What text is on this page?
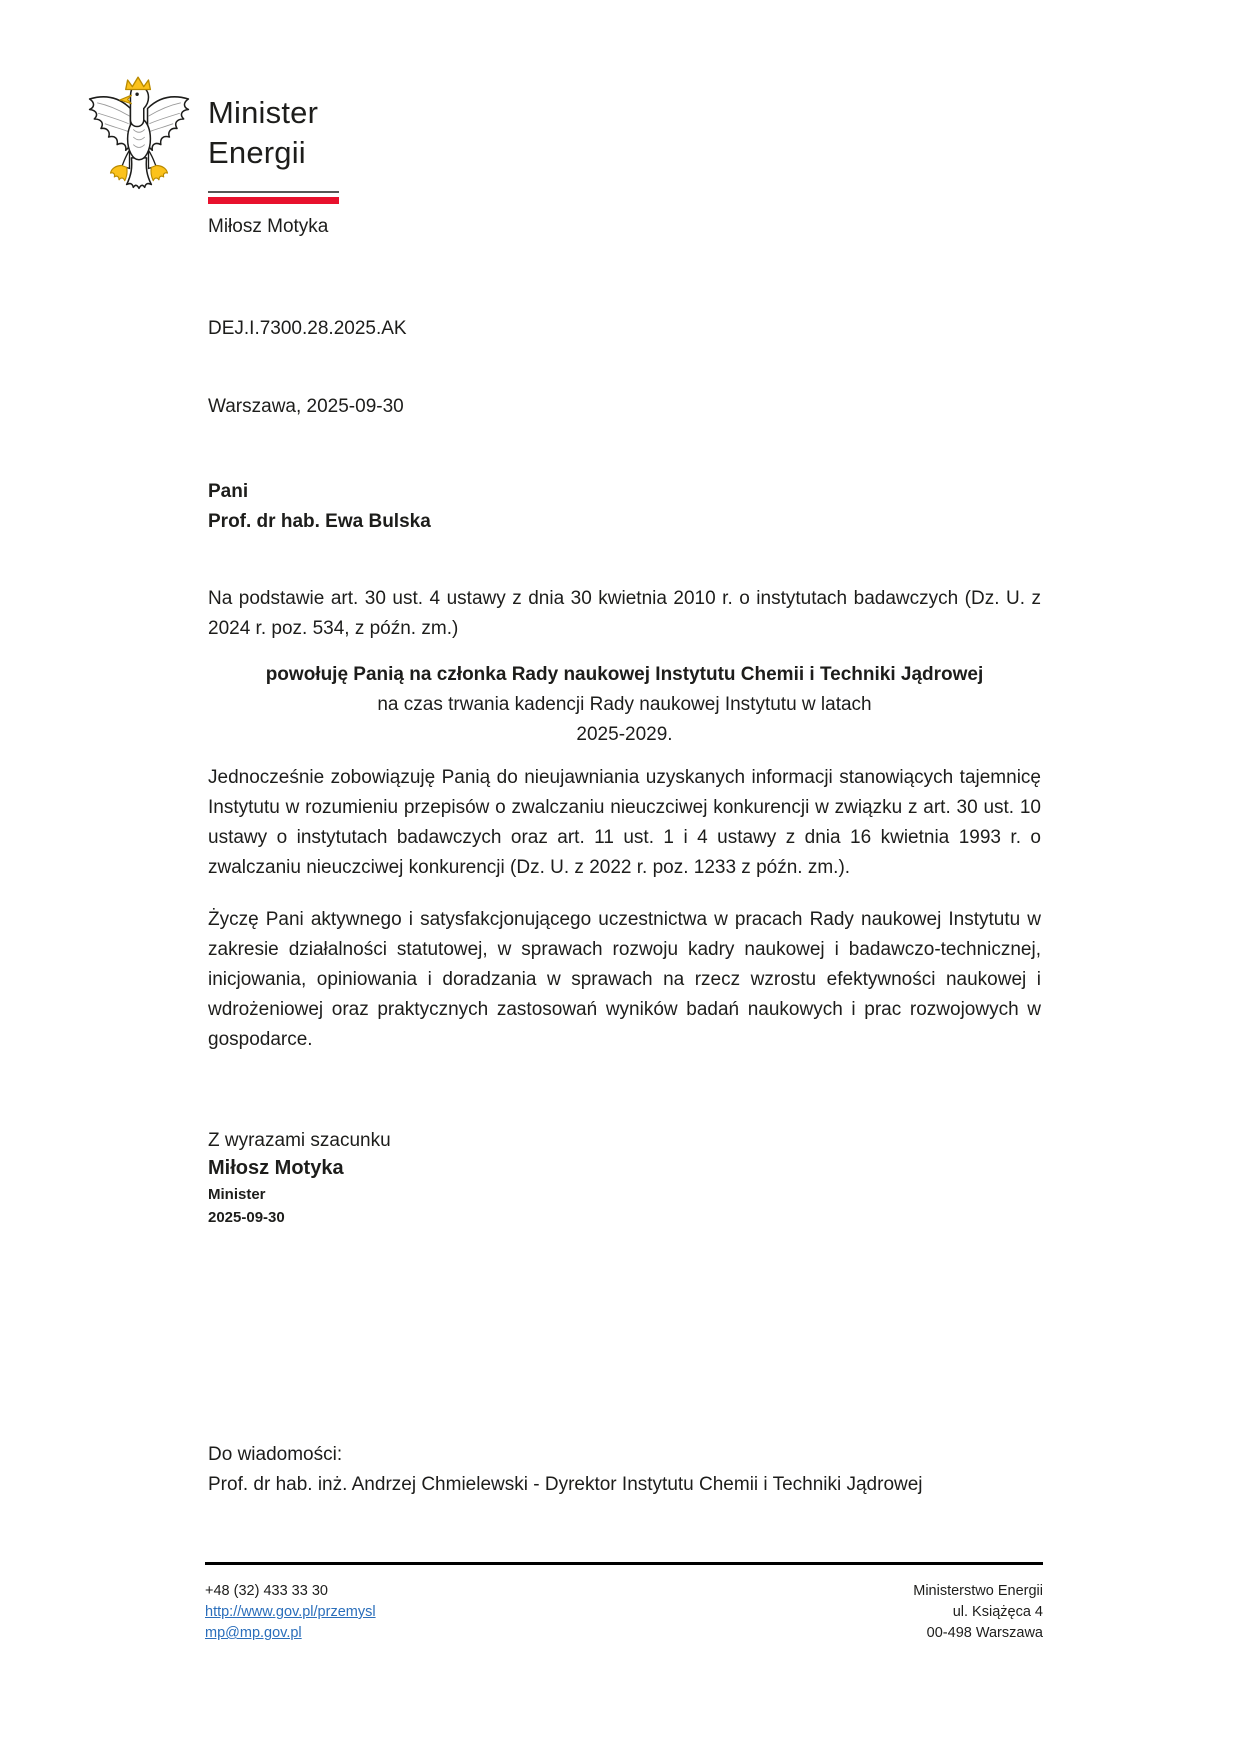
Minister
Energii
Miłosz Motyka
DEJ.I.7300.28.2025.AK
Warszawa, 2025-09-30
Pani
Prof. dr hab. Ewa Bulska
Na podstawie art. 30 ust. 4 ustawy z dnia 30 kwietnia 2010 r. o instytutach badawczych (Dz. U. z 2024 r. poz. 534, z późn. zm.)
powołuję Panią na członka Rady naukowej Instytutu Chemii i Techniki Jądrowej
na czas trwania kadencji Rady naukowej Instytutu w latach
2025-2029.
Jednocześnie zobowiązuję Panią do nieujawniania uzyskanych informacji stanowiących tajemnicę Instytutu w rozumieniu przepisów o zwalczaniu nieuczciwej konkurencji w związku z art. 30 ust. 10 ustawy o instytutach badawczych oraz art. 11 ust. 1 i 4 ustawy z dnia 16 kwietnia 1993 r. o zwalczaniu nieuczciwej konkurencji (Dz. U. z 2022 r. poz. 1233 z późn. zm.).
Życzę Pani aktywnego i satysfakcjonującego uczestnictwa w pracach Rady naukowej Instytutu w zakresie działalności statutowej, w sprawach rozwoju kadry naukowej i badawczo-technicznej, inicjowania, opiniowania i doradzania w sprawach na rzecz wzrostu efektywności naukowej i wdrożeniowej oraz praktycznych zastosowań wyników badań naukowych i prac rozwojowych w gospodarce.
Z wyrazami szacunku
Miłosz Motyka
Minister
2025-09-30
Do wiadomości:
Prof. dr hab. inż. Andrzej Chmielewski - Dyrektor Instytutu Chemii i Techniki Jądrowej
+48 (32) 433 33 30
http://www.gov.pl/przemysl
mp@mp.gov.pl
Ministerstwo Energii
ul. Książęca 4
00-498 Warszawa
